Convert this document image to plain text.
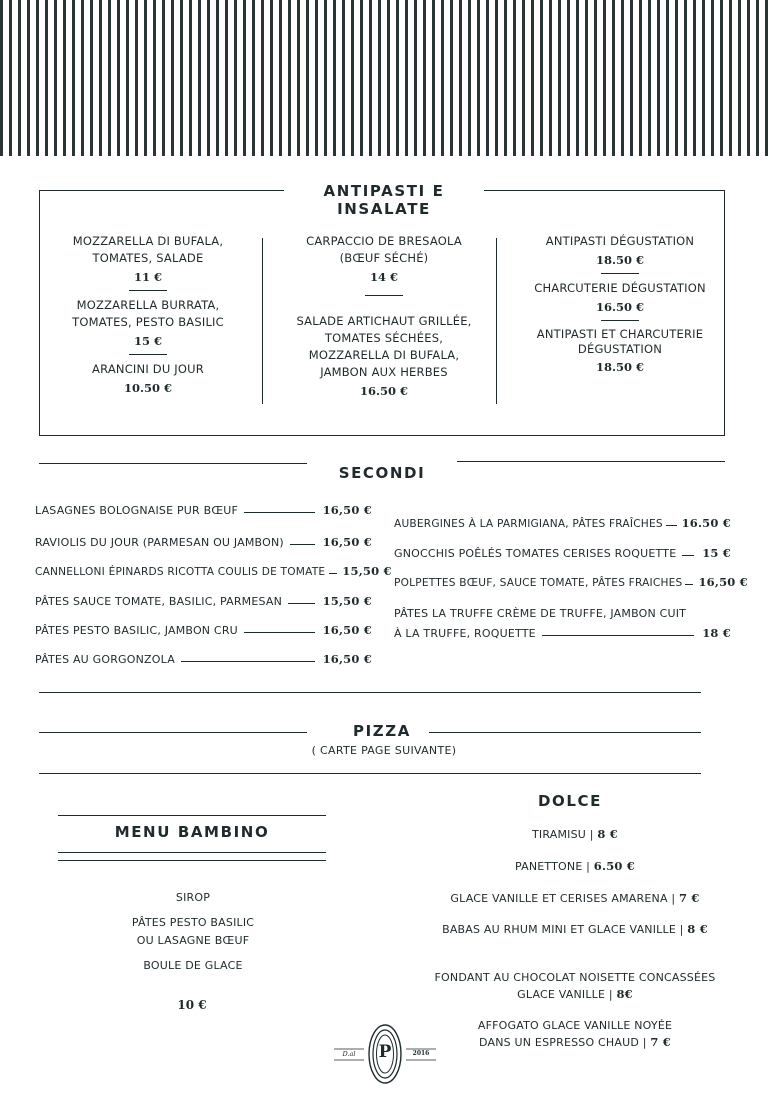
ANTIPASTI E INSALATE
MOZZARELLA DI BUFALA,
TOMATES, SALADE
11 €
MOZZARELLA BURRATA,
TOMATES, PESTO BASILIC
15 €
ARANCINI DU JOUR
10.50 €
CARPACCIO DE BRESAOLA
(BŒUF SÉCHÉ)
14 €
SALADE ARTICHAUT GRILLÉE,
TOMATES SÉCHÉES,
MOZZARELLA DI BUFALA,
JAMBON AUX HERBES
16.50 €
ANTIPASTI DÉGUSTATION
18.50 €
CHARCUTERIE DÉGUSTATION
16.50 €
ANTIPASTI ET CHARCUTERIE
DÉGUSTATION
18.50 €
SECONDI
LASAGNES BOLOGNAISE PUR BŒUF	16,50 €
RAVIOLIS DU JOUR (PARMESAN OU JAMBON)	16,50 €
CANNELLONI ÉPINARDS RICOTTA COULIS DE TOMATE 15,50 €
PÂTES SAUCE TOMATE, BASILIC, PARMESAN	15,50 €
PÂTES PESTO BASILIC, JAMBON CRU	16,50 €
PÂTES AU GORGONZOLA	16,50 €
AUBERGINES À LA PARMIGIANA, PÂTES FRAÎCHES 16.50 €
GNOCCHIS POÊLÉS TOMATES CERISES ROQUETTE 15 €
POLPETTES BŒUF, SAUCE TOMATE, PÂTES FRAICHES 16,50 €
PÂTES LA TRUFFE CRÈME DE TRUFFE, JAMBON CUIT
À LA TRUFFE, ROQUETTE	18 €
PIZZA
( CARTE PAGE SUIVANTE)
MENU BAMBINO
SIROP
PÂTES PESTO BASILIC
OU LASAGNE BŒUF
BOULE DE GLACE
10 €
DOLCE
TIRAMISU | 8 €
PANETTONE | 6.50 €
GLACE VANILLE ET CERISES AMARENA | 7 €
BABAS AU RHUM MINI ET GLACE VANILLE | 8 €

FONDANT AU CHOCOLAT NOISETTE CONCASSÉES
GLACE VANILLE | 8€

AFFOGATO GLACE VANILLE NOYÉE
DANS UN ESPRESSO CHAUD | 7 €

P
D.al	2016
